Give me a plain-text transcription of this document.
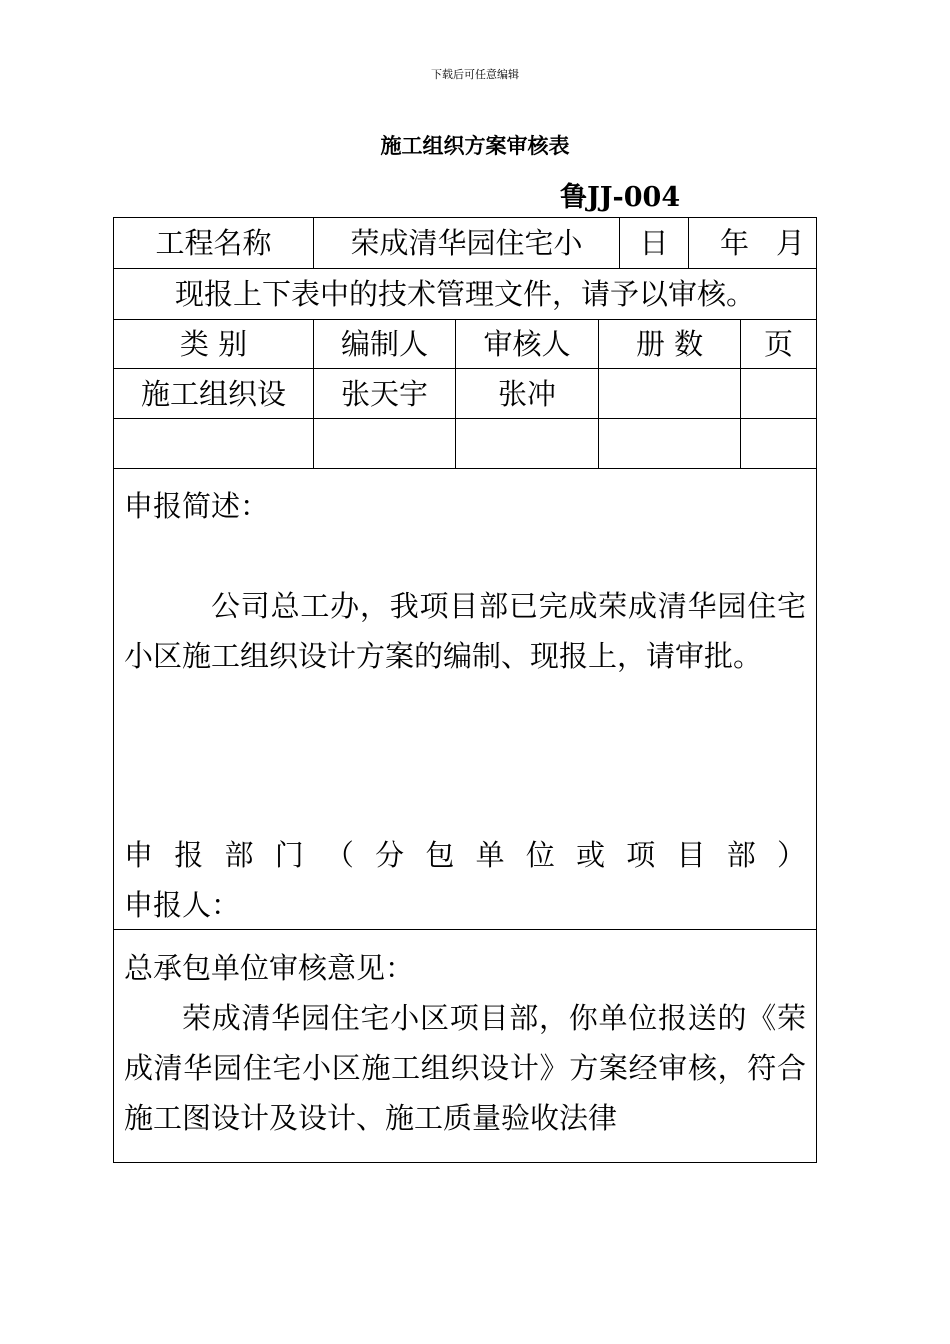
下载后可任意编辑
施工组织方案审核表
鲁JJ-004
工程名称	荣成清华园住宅小	日	年 月
现报上下表中的技术管理文件，请予以审核。
类 别	编制人	审核人	册 数	页
施工组织设	张天宇	张冲
申报简述：
公司总工办，我项目部已完成荣成清华园住宅小区施工组织设计方案的编制、现报上，请审批。
申报部门（分包单位或项目部）
申报人：
总承包单位审核意见：
荣成清华园住宅小区项目部，你单位报送的《荣成清华园住宅小区施工组织设计》方案经审核，符合施工图设计及设计、施工质量验收法律
